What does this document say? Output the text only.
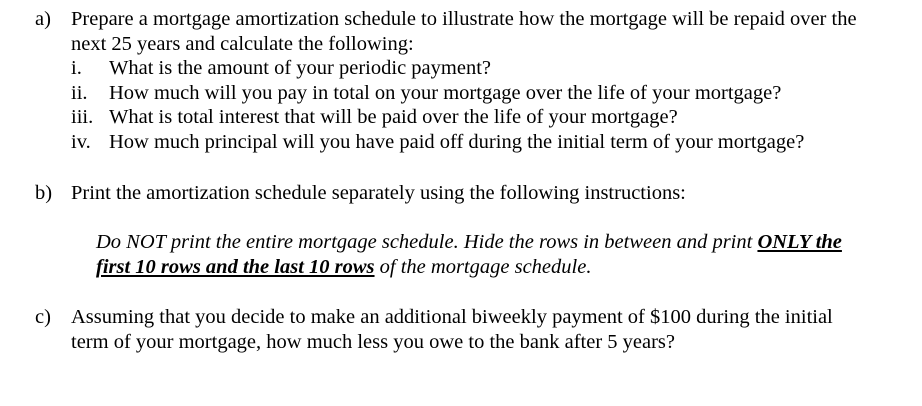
a) Prepare a mortgage amortization schedule to illustrate how the mortgage will be repaid over the
next 25 years and calculate the following:
i. What is the amount of your periodic payment?
ii. How much will you pay in total on your mortgage over the life of your mortgage?
iii. What is total interest that will be paid over the life of your mortgage?
iv. How much principal will you have paid off during the initial term of your mortgage?
b) Print the amortization schedule separately using the following instructions:
Do NOT print the entire mortgage schedule. Hide the rows in between and print ONLY the
first 10 rows and the last 10 rows of the mortgage schedule.
c) Assuming that you decide to make an additional biweekly payment of $100 during the initial
term of your mortgage, how much less you owe to the bank after 5 years?
